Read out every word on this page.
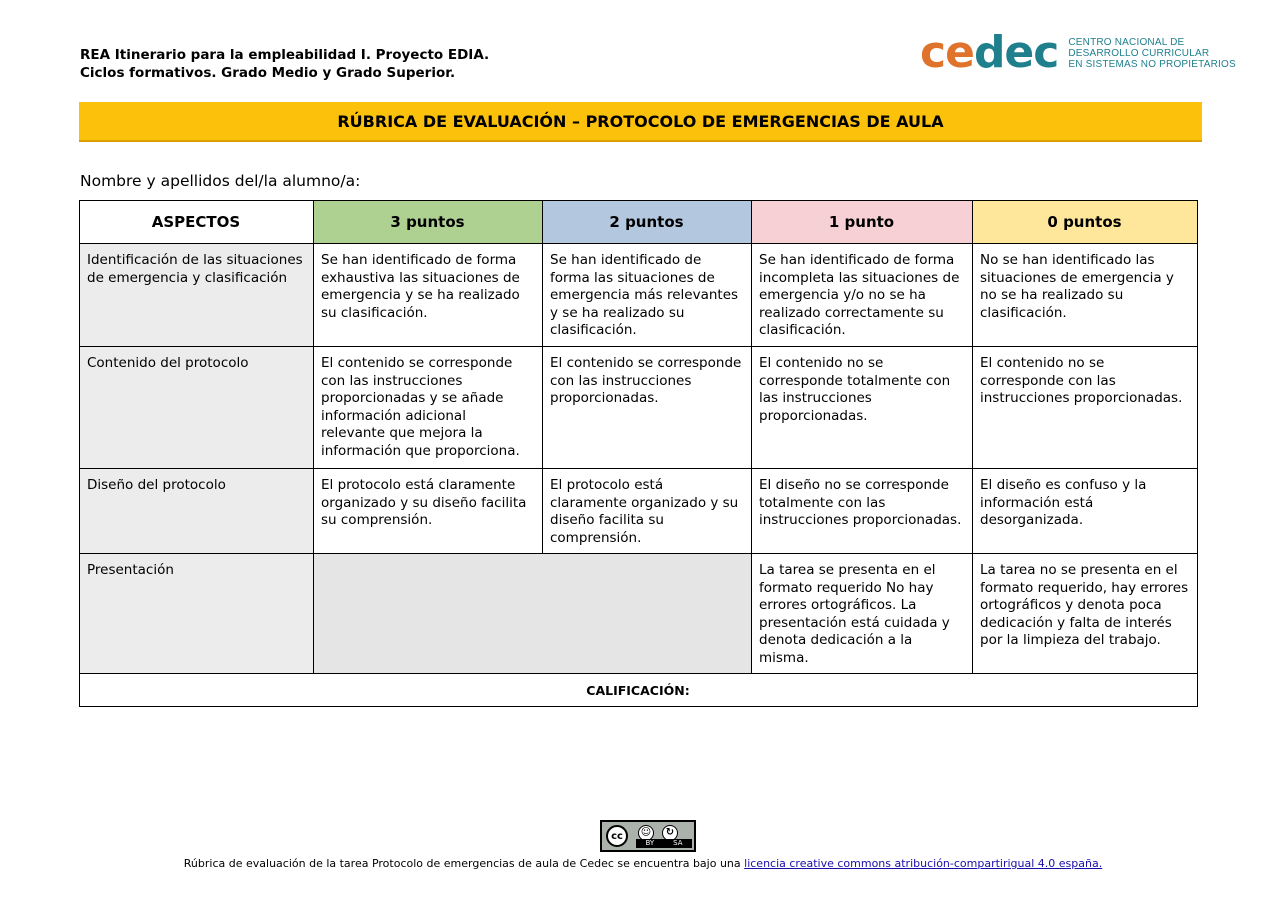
REA Itinerario para la empleabilidad I. Proyecto EDIA.
Ciclos formativos. Grado Medio y Grado Superior.	cedec CENTRO NACIONAL DE
DESARROLLO CURRICULAR
EN SISTEMAS NO PROPIETARIOS
RÚBRICA DE EVALUACIÓN – PROTOCOLO DE EMERGENCIAS DE AULA
Nombre y apellidos del/la alumno/a:
ASPECTOS	3 puntos	2 puntos	1 punto	0 puntos
Identificación de las situaciones de emergencia y clasificación	Se han identificado de forma exhaustiva las situaciones de emergencia y se ha realizado su clasificación.	Se han identificado de forma las situaciones de emergencia más relevantes y se ha realizado su clasificación.	Se han identificado de forma incompleta las situaciones de emergencia y/o no se ha realizado correctamente su clasificación.	No se han identificado las situaciones de emergencia y no se ha realizado su clasificación.
Contenido del protocolo	El contenido se corresponde con las instrucciones proporcionadas y se añade información adicional relevante que mejora la información que proporciona.	El contenido se corresponde con las instrucciones proporcionadas.	El contenido no se corresponde totalmente con las instrucciones proporcionadas.	El contenido no se corresponde con las instrucciones proporcionadas.
Diseño del protocolo	El protocolo está claramente organizado y su diseño facilita su comprensión.	El protocolo está claramente organizado y su diseño facilita su comprensión.	El diseño no se corresponde totalmente con las instrucciones proporcionadas.	El diseño es confuso y la información está desorganizada.
Presentación			La tarea se presenta en el formato requerido No hay errores ortográficos. La presentación está cuidada y denota dedicación a la misma.	La tarea no se presenta en el formato requerido, hay errores ortográficos y denota poca dedicación y falta de interés por la limpieza del trabajo.
CALIFICACIÓN:				
cc	☺	↻
BY	SA
Rúbrica de evaluación de la tarea Protocolo de emergencias de aula de Cedec se encuentra bajo una licencia creative commons atribución-compartirigual 4.0 españa.
